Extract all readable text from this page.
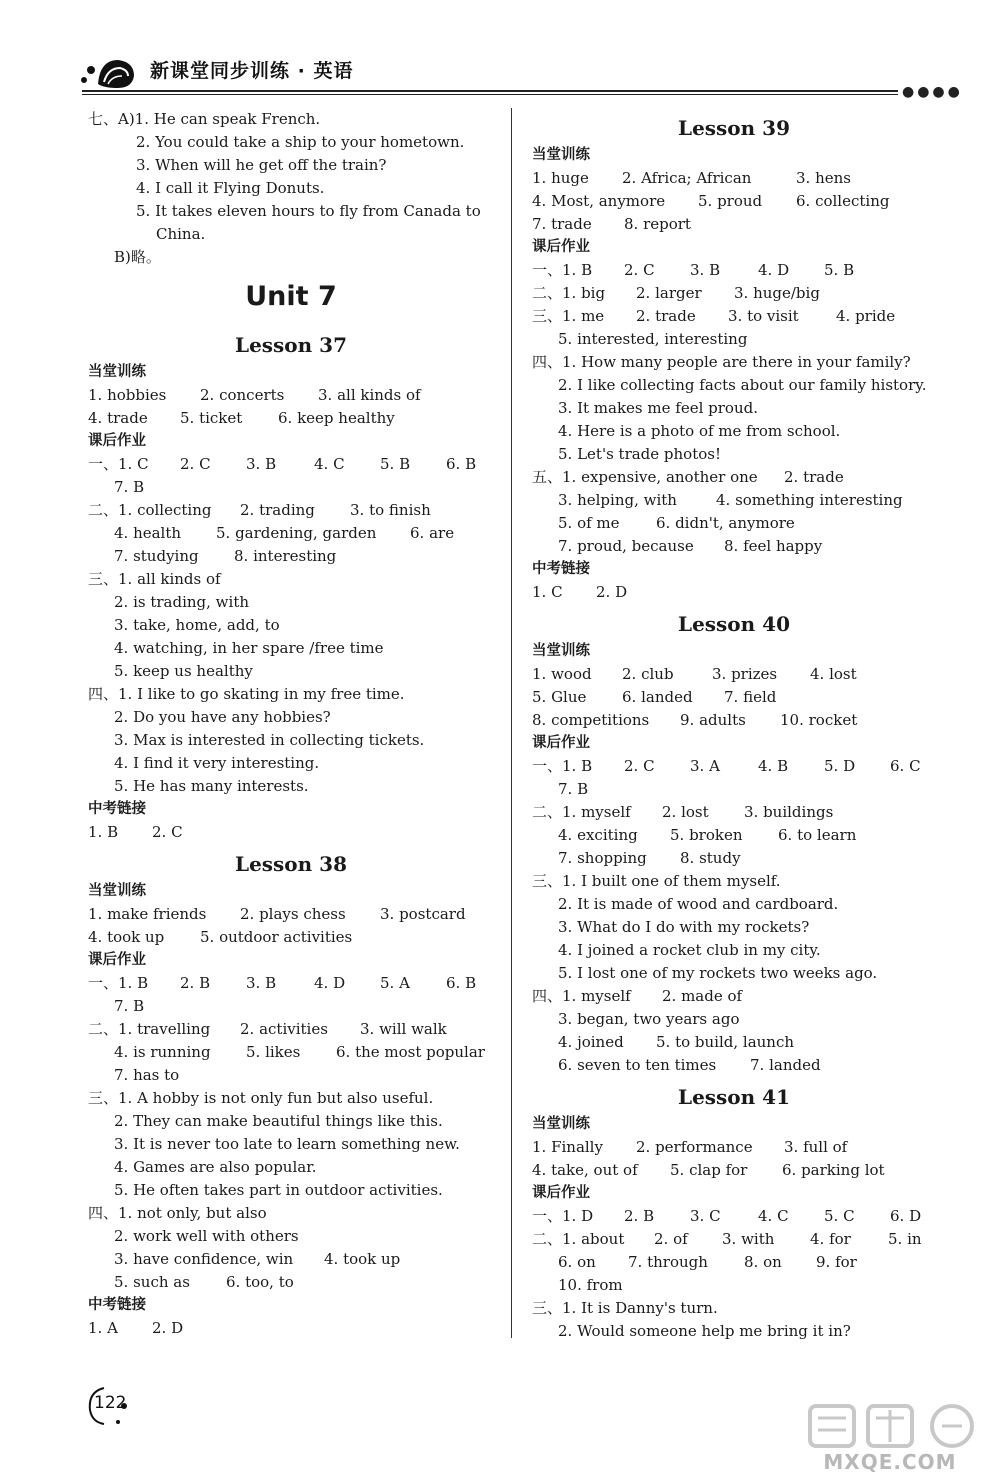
新课堂同步训练 · 英语
●●●●
七、A)1. He can speak French.
2. You could take a ship to your hometown.
3. When will he get off the train?
4. I call it Flying Donuts.
5. It takes eleven hours to fly from Canada to
China.
B)略。
Unit 7
Lesson 37
当堂训练
1. hobbies 2. concerts 3. all kinds of
4. trade 5. ticket 6. keep healthy
课后作业
一、1. C 2. C 3. B	4. C 5. B 6. B
7. B
二、1. collecting 2. trading 3. to finish
4. health 5. gardening, garden 6. are
7. studying 8. interesting
三、1. all kinds of
2. is trading, with
3. take, home, add, to
4. watching, in her spare /free time
5. keep us healthy
四、1. I like to go skating in my free time.
2. Do you have any hobbies?
3. Max is interested in collecting tickets.
4. I find it very interesting.
5. He has many interests.
中考链接
1. B 2. C
Lesson 38
当堂训练
1. make friends 2. plays chess 3. postcard
4. took up 5. outdoor activities
课后作业
一、1. B 2. B 3. B	4. D 5. A 6. B
7. B
二、1. travelling 2. activities 3. will walk
4. is running 5. likes 6. the most popular
7. has to
三、1. A hobby is not only fun but also useful.
2. They can make beautiful things like this.
3. It is never too late to learn something new.
4. Games are also popular.
5. He often takes part in outdoor activities.
四、1. not only, but also
2. work well with others
3. have confidence, win 4. took up
5. such as 6. too, to
中考链接
1. A 2. D
Lesson 39
当堂训练
1. huge 2. Africa; African	3. hens
4. Most, anymore 5. proud 6. collecting
7. trade 8. report
课后作业
一、1. B 2. C 3. B	4. D 5. B
二、1. big 2. larger 3. huge/big
三、1. me 2. trade 3. to visit 4. pride
5. interested, interesting
四、1. How many people are there in your family?
2. I like collecting facts about our family history.
3. It makes me feel proud.
4. Here is a photo of me from school.
5. Let's trade photos!
五、1. expensive, another one 2. trade
3. helping, with	4. something interesting
5. of me 6. didn't, anymore
7. proud, because 8. feel happy
中考链接
1. C 2. D
Lesson 40
当堂训练
1. wood 2. club	3. prizes 4. lost
5. Glue 6. landed 7. field
8. competitions 9. adults 10. rocket
课后作业
一、1. B 2. C 3. A	4. B 5. D 6. C
7. B
二、1. myself 2. lost 3. buildings
4. exciting 5. broken 6. to learn
7. shopping 8. study
三、1. I built one of them myself.
2. It is made of wood and cardboard.
3. What do I do with my rockets?
4. I joined a rocket club in my city.
5. I lost one of my rockets two weeks ago.
四、1. myself 2. made of
3. began, two years ago
4. joined 5. to build, launch
6. seven to ten times 7. landed
Lesson 41
当堂训练
1. Finally 2. performance 3. full of
4. take, out of 5. clap for 6. parking lot
课后作业
一、1. D 2. B 3. C 4. C 5. C 6. D
二、1. about 2. of 3. with 4. for 5. in
6. on 7. through 8. on 9. for
10. from
三、1. It is Danny's turn.
2. Would someone help me bring it in?
122
MXQE.COM
